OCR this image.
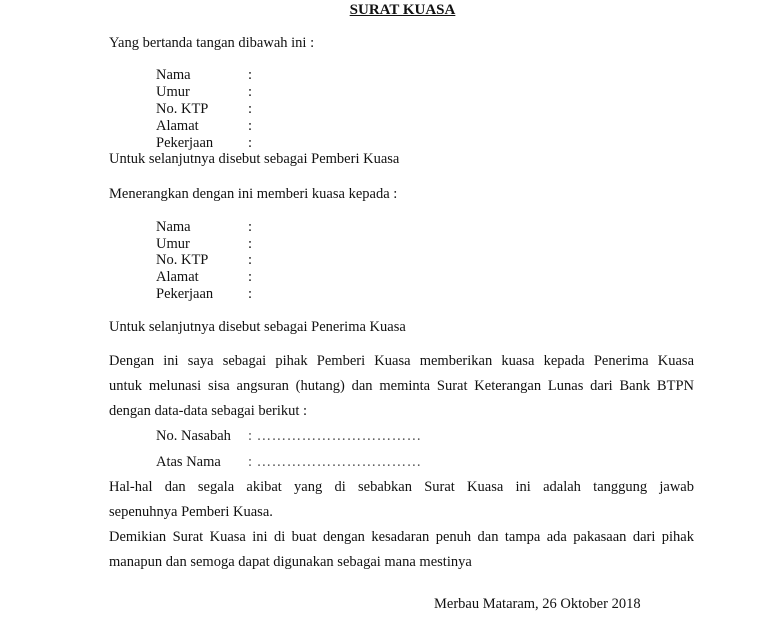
SURAT KUASA
Yang bertanda tangan dibawah ini :
Nama	:
Umur	:
No. KTP	:
Alamat	:
Pekerjaan :
Untuk selanjutnya disebut sebagai Pemberi Kuasa
Menerangkan dengan ini memberi kuasa kepada :
Nama	:
Umur	:
No. KTP	:
Alamat	:
Pekerjaan :
Untuk selanjutnya disebut sebagai Penerima Kuasa
Dengan ini saya sebagai pihak Pemberi Kuasa memberikan kuasa kepada Penerima Kuasa
untuk melunasi sisa angsuran (hutang) dan meminta Surat Keterangan Lunas dari Bank BTPN
dengan data-data sebagai berikut :
No. Nasabah : ……………………………
Atas Nama : ……………………………
Hal-hal dan segala akibat yang di sebabkan Surat Kuasa ini adalah tanggung jawab
sepenuhnya Pemberi Kuasa.
Demikian Surat Kuasa ini di buat dengan kesadaran penuh dan tampa ada pakasaan dari pihak
manapun dan semoga dapat digunakan sebagai mana mestinya
Merbau Mataram, 26 Oktober 2018
